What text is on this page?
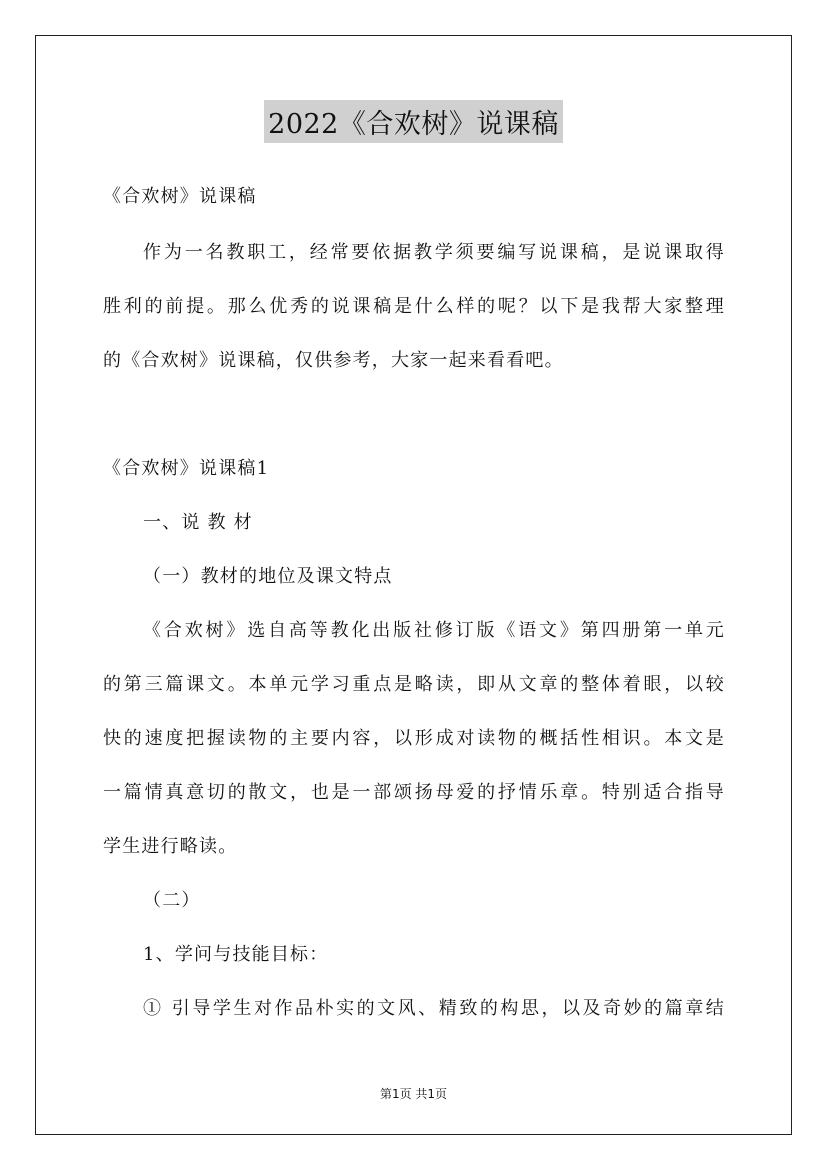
2022《合欢树》说课稿
《合欢树》说课稿
作为一名教职工，经常要依据教学须要编写说课稿，是说课取得
胜利的前提。那么优秀的说课稿是什么样的呢？以下是我帮大家整理
的《合欢树》说课稿，仅供参考，大家一起来看看吧。
《合欢树》说课稿1
一、说 教 材
（一）教材的地位及课文特点
《合欢树》选自高等教化出版社修订版《语文》第四册第一单元
的第三篇课文。本单元学习重点是略读，即从文章的整体着眼，以较
快的速度把握读物的主要内容，以形成对读物的概括性相识。本文是
一篇情真意切的散文，也是一部颂扬母爱的抒情乐章。特别适合指导
学生进行略读。
（二）
1、学问与技能目标：
① 引导学生对作品朴实的文风、精致的构思，以及奇妙的篇章结
第1页 共1页
